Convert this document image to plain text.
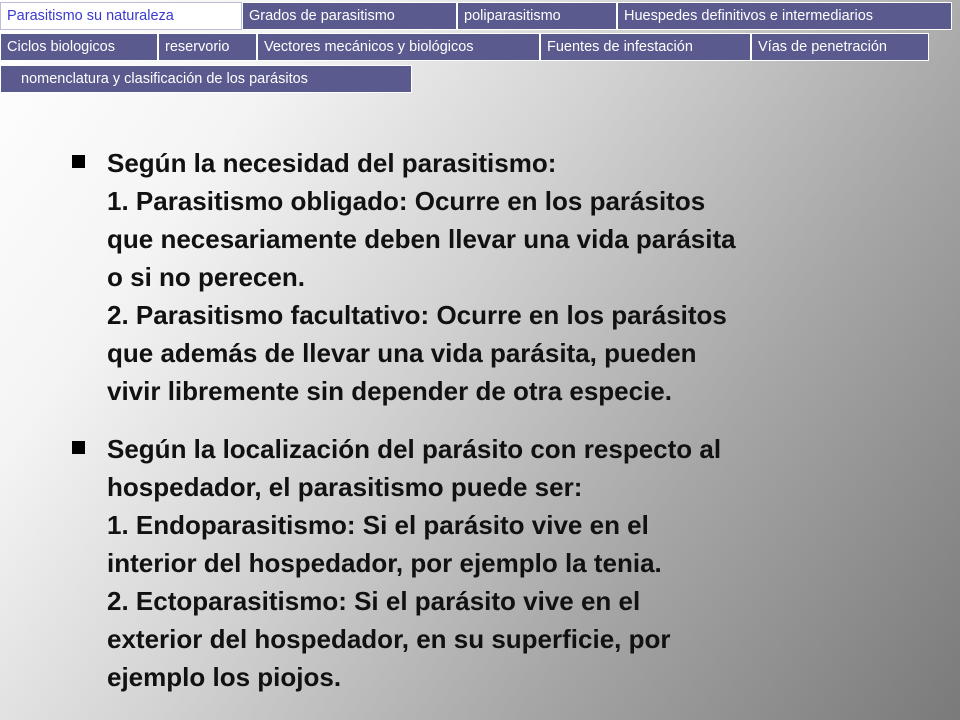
Parasitismo su naturaleza	Grados de parasitismo	poliparasitismo	Huespedes definitivos e intermediarios
Ciclos biologicos	reservorio	Vectores mecánicos y biológicos	Fuentes de infestación	Vías de penetración
nomenclatura y clasificación de los parásitos
Según la necesidad del parasitismo:
1. Parasitismo obligado: Ocurre en los parásitos
que necesariamente deben llevar una vida parásita
o si no perecen.
2. Parasitismo facultativo: Ocurre en los parásitos
que además de llevar una vida parásita, pueden
vivir libremente sin depender de otra especie.
Según la localización del parásito con respecto al
hospedador, el parasitismo puede ser:
1. Endoparasitismo: Si el parásito vive en el
interior del hospedador, por ejemplo la tenia.
2. Ectoparasitismo: Si el parásito vive en el
exterior del hospedador, en su superficie, por
ejemplo los piojos.
